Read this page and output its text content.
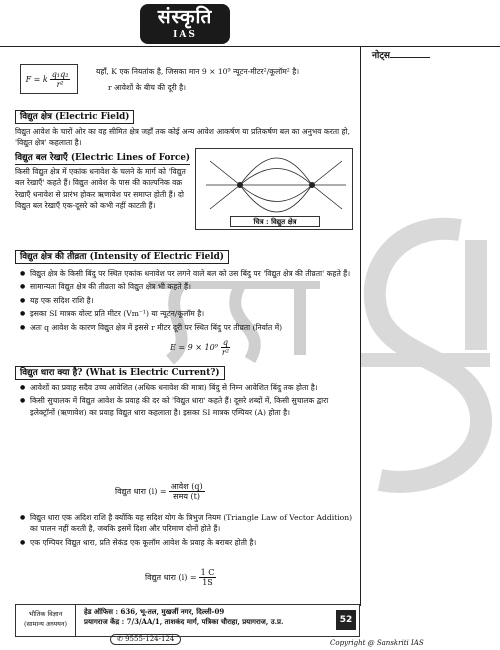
संस्कृति
IAS
नोट्स
F = k $\frac{\text{q₁q₂}}{\text{r²}}$	यहाँ, K एक नियतांक है, जिसका मान 9 × 10⁹ न्यूटन-मीटर²/कूलॉम² है।
r आवेशों के बीच की दूरी है।
विद्युत क्षेत्र (Electric Field)
विद्युत आवेश के चारों ओर का वह सीमित क्षेत्र जहाँ तक कोई अन्य आवेश आकर्षण या प्रतिकर्षण बल का अनुभव करता हो, 'विद्युत क्षेत्र' कहलाता है।
विद्युत बल रेखाएँ (Electric Lines of Force)
किसी विद्युत क्षेत्र में एकांक धनावेश के चलने के मार्ग को 'विद्युत बल रेखाएँ' कहते हैं। विद्युत आवेश के पास की काल्पनिक वक्र रेखाएँ धनावेश से प्रारंभ होकर ऋणावेश पर समाप्त होती हैं। दो विद्युत बल रेखाएँ एक-दूसरे को कभी नहीं काटती हैं।
चित्र : विद्युत क्षेत्र
विद्युत क्षेत्र की तीव्रता (Intensity of Electric Field)
● विद्युत क्षेत्र के किसी बिंदु पर स्थित एकांक धनावेश पर लगने वाले बल को उस बिंदु पर 'विद्युत क्षेत्र की तीव्रता' कहते हैं।
● सामान्यतः विद्युत क्षेत्र की तीव्रता को विद्युत क्षेत्र भी कहते हैं।
● यह एक सदिश राशि है।
● इसका SI मात्रक वोल्ट प्रति मीटर (Vm⁻¹) या न्यूटन/कूलॉम है।
● अतः q आवेश के कारण विद्युत क्षेत्र में इससे r मीटर दूरी पर स्थित बिंदु पर तीव्रता (निर्वात में)
$E = 9 \times 10^9 \frac{q}{\text{r²}}$
विद्युत धारा क्या है? (What is Electric Current?)
● आवेशों का प्रवाह सदैव उच्च आवेशित (अधिक धनावेश की मात्रा) बिंदु से निम्न आवेशित बिंदु तक होता है।
● किसी सुचालक में विद्युत आवेश के प्रवाह की दर को 'विद्युत धारा' कहते हैं। दूसरे शब्दों में, किसी सुचालक द्वारा इलेक्ट्रॉनों (ऋणावेश) का प्रवाह विद्युत धारा कहलाता है। इसका SI मात्रक एम्पियर (A) होता है।
विद्युत धारा $(i) = \frac{\text{आवेश (q)}}{\text{समय (t)}}$
● विद्युत धारा एक अदिश राशि है क्योंकि यह सदिश योग के त्रिभुज नियम (Triangle Law of Vector Addition) का पालन नहीं करती है, जबकि इसमें दिशा और परिमाण दोनों होते हैं।
● एक एम्पियर विद्युत धारा, प्रति सेकंड एक कूलॉम आवेश के प्रवाह के बराबर होती है।
विद्युत धारा $(i) = \frac{1 C}{1S}$
भौतिक विज्ञान
(सामान्य अध्ययन)
हेड ऑफिस : 636, भू-तल, मुखर्जी नगर, दिल्ली-09
प्रयागराज केंद्र : 7/3/AA/1, ताशकंद मार्ग, पत्रिका चौराहा, प्रयागराज, उ.प्र.	52
✆ 9555-124-124	Copyright @ Sanskriti IAS
